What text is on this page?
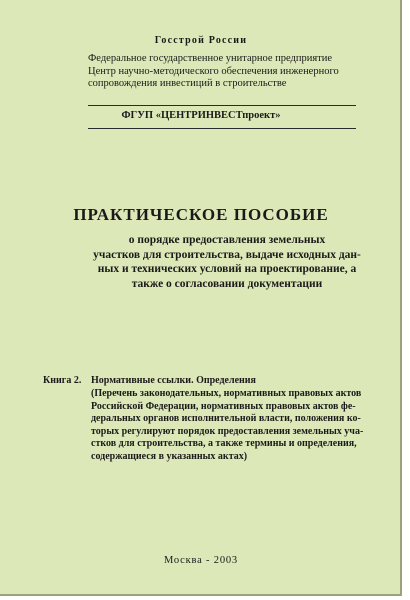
Госстрой России
Федеральное государственное унитарное предприятие
Центр научно-методического обеспечения инженерного
сопровождения инвестиций в строительстве
ФГУП «ЦЕНТРИНВЕСТпроект»
ПРАКТИЧЕСКОЕ ПОСОБИЕ
о порядке предоставления земельных
участков для строительства, выдаче исходных дан-
ных и технических условий на проектирование, а
также о согласовании документации
Книга 2. Нормативные ссылки. Определения
(Перечень законодательных, нормативных правовых актов
Российской Федерации, нормативных правовых актов фе-
деральных органов исполнительной власти, положения ко-
торых регулируют порядок предоставления земельных уча-
стков для строительства, а также термины и определения,
содержащиеся в указанных актах)
Москва - 2003
